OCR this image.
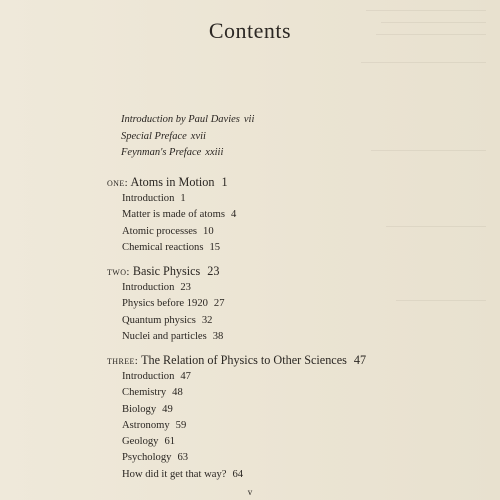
Contents
Introduction by Paul Davies vii
Special Preface xvii
Feynman's Preface xxiii
one: Atoms in Motion 1
Introduction 1
Matter is made of atoms 4
Atomic processes 10
Chemical reactions 15
two: Basic Physics 23
Introduction 23
Physics before 1920 27
Quantum physics 32
Nuclei and particles 38
three: The Relation of Physics to Other Sciences 47
Introduction 47
Chemistry 48
Biology 49
Astronomy 59
Geology 61
Psychology 63
How did it get that way? 64
v
